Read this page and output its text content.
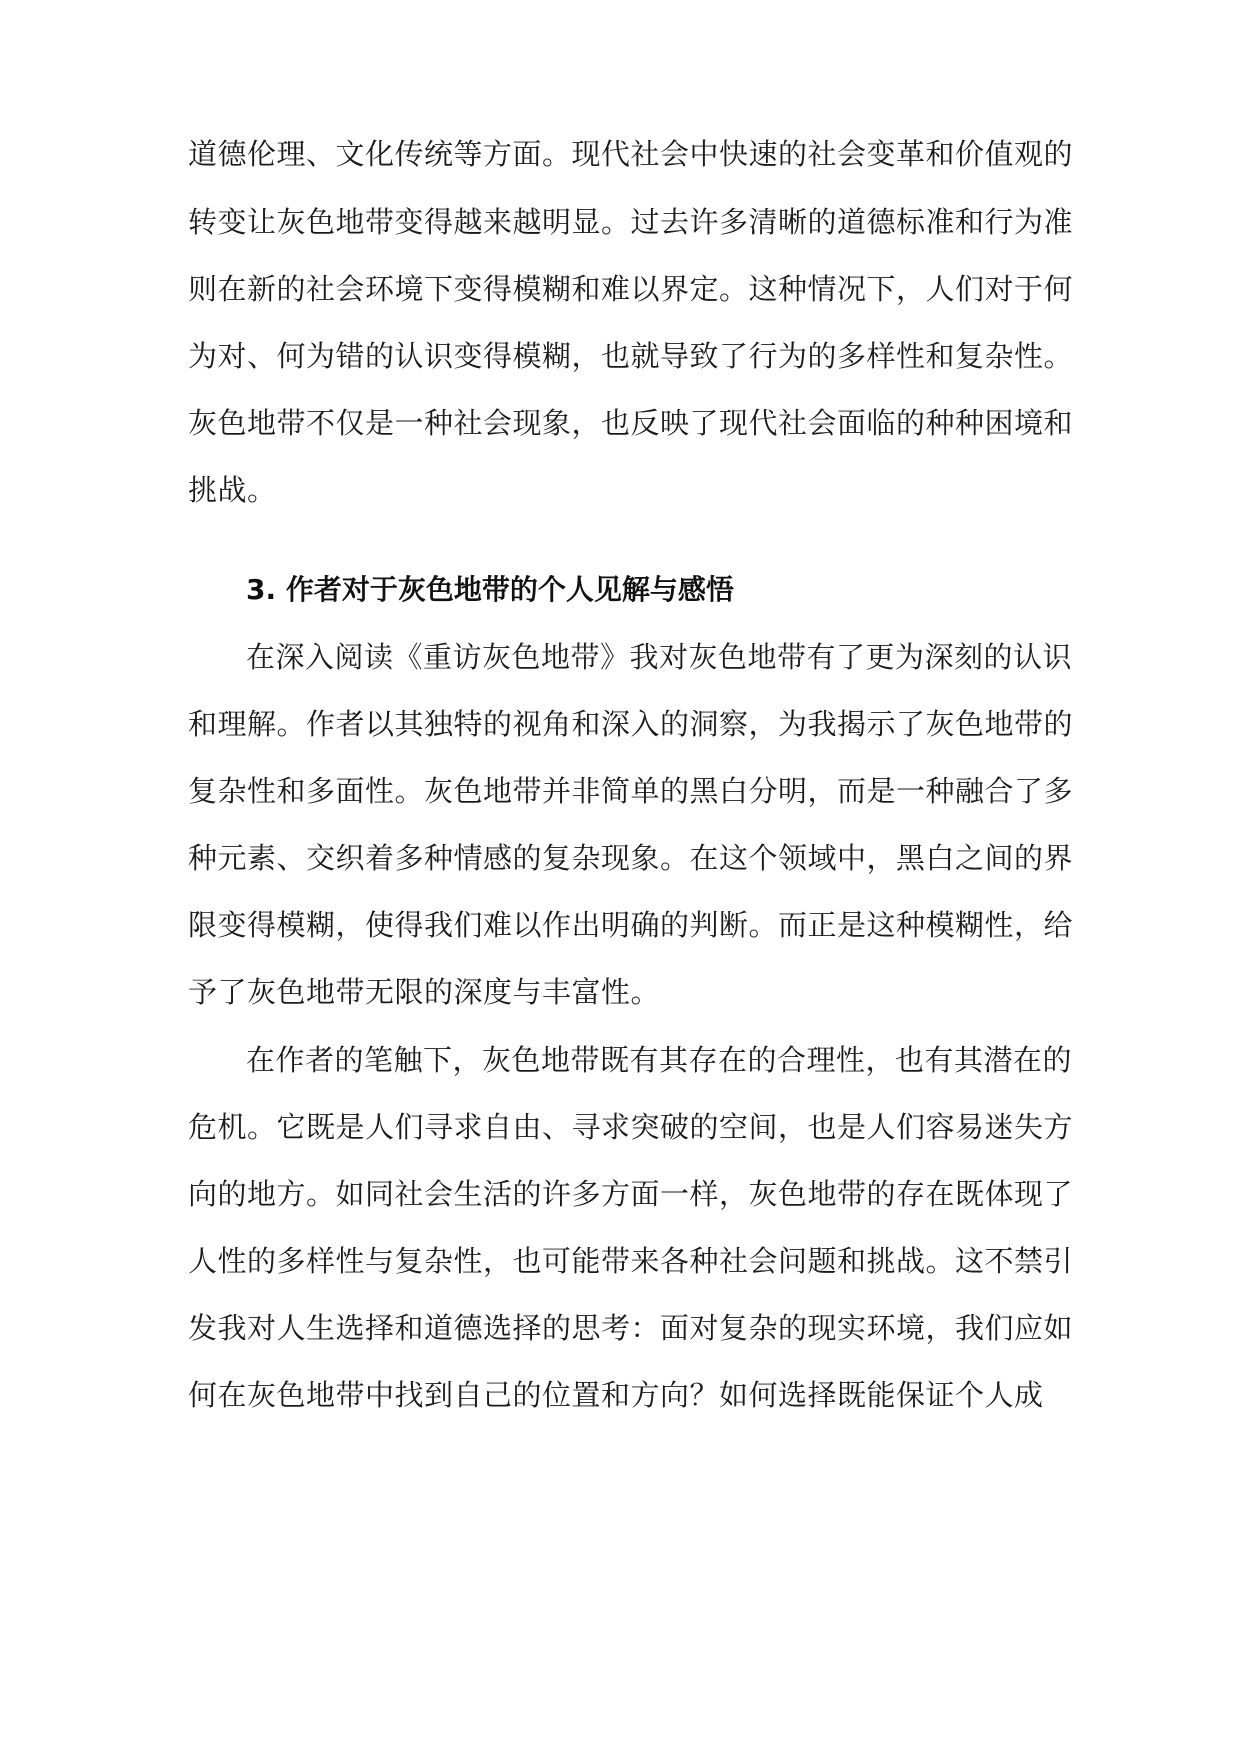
道德伦理、文化传统等方面。现代社会中快速的社会变革和价值观的
转变让灰色地带变得越来越明显。过去许多清晰的道德标准和行为准
则在新的社会环境下变得模糊和难以界定。这种情况下，人们对于何
为对、何为错的认识变得模糊，也就导致了行为的多样性和复杂性。
灰色地带不仅是一种社会现象，也反映了现代社会面临的种种困境和
挑战。
3. 作者对于灰色地带的个人见解与感悟
在深入阅读《重访灰色地带》我对灰色地带有了更为深刻的认识
和理解。作者以其独特的视角和深入的洞察，为我揭示了灰色地带的
复杂性和多面性。灰色地带并非简单的黑白分明，而是一种融合了多
种元素、交织着多种情感的复杂现象。在这个领域中，黑白之间的界
限变得模糊，使得我们难以作出明确的判断。而正是这种模糊性，给
予了灰色地带无限的深度与丰富性。
在作者的笔触下，灰色地带既有其存在的合理性，也有其潜在的
危机。它既是人们寻求自由、寻求突破的空间，也是人们容易迷失方
向的地方。如同社会生活的许多方面一样，灰色地带的存在既体现了
人性的多样性与复杂性，也可能带来各种社会问题和挑战。这不禁引
发我对人生选择和道德选择的思考：面对复杂的现实环境，我们应如
何在灰色地带中找到自己的位置和方向？如何选择既能保证个人成
